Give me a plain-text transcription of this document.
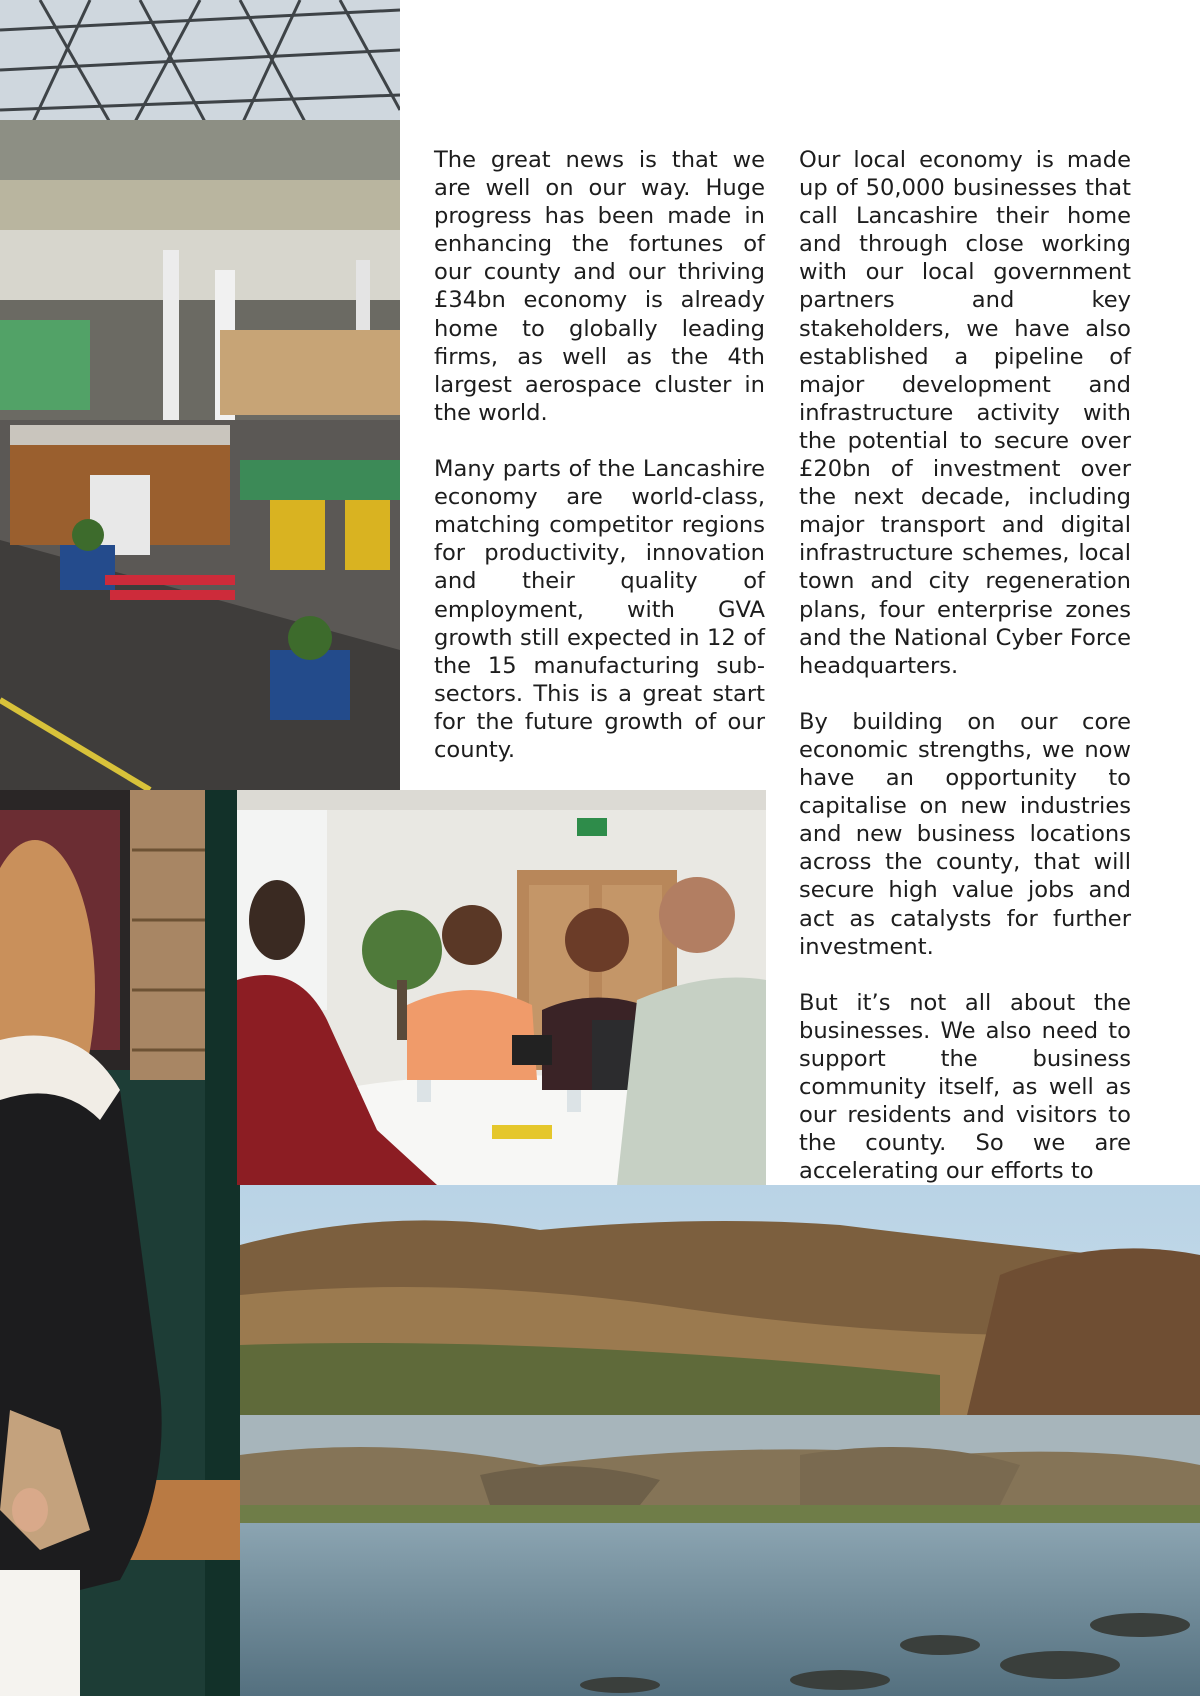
The great news is that we are well on our way. Huge progress has been made in enhancing the fortunes of our county and our thriving £34bn economy is already home to globally leading firms, as well as the 4th largest aerospace cluster in the world.

Many parts of the Lancashire economy are world-class, matching competitor regions for productivity, innovation and their quality of employment, with GVA growth still expected in 12 of the 15 manufacturing sub-sectors. This is a great start for the future growth of our county.

Our local economy is made up of 50,000 businesses that call Lancashire their home and through close working with our local government partners and key stakeholders, we have also established a pipeline of major development and infrastructure activity with the potential to secure over £20bn of investment over the next decade, including major transport and digital infrastructure schemes, local town and city regeneration plans, four enterprise zones and the National Cyber Force headquarters.

By building on our core economic strengths, we now have an opportunity to capitalise on new industries and new business locations across the county, that will secure high value jobs and act as catalysts for further investment.

But it’s not all about the businesses. We also need to support the business community itself, as well as our residents and visitors to the county. So we are accelerating our efforts to
